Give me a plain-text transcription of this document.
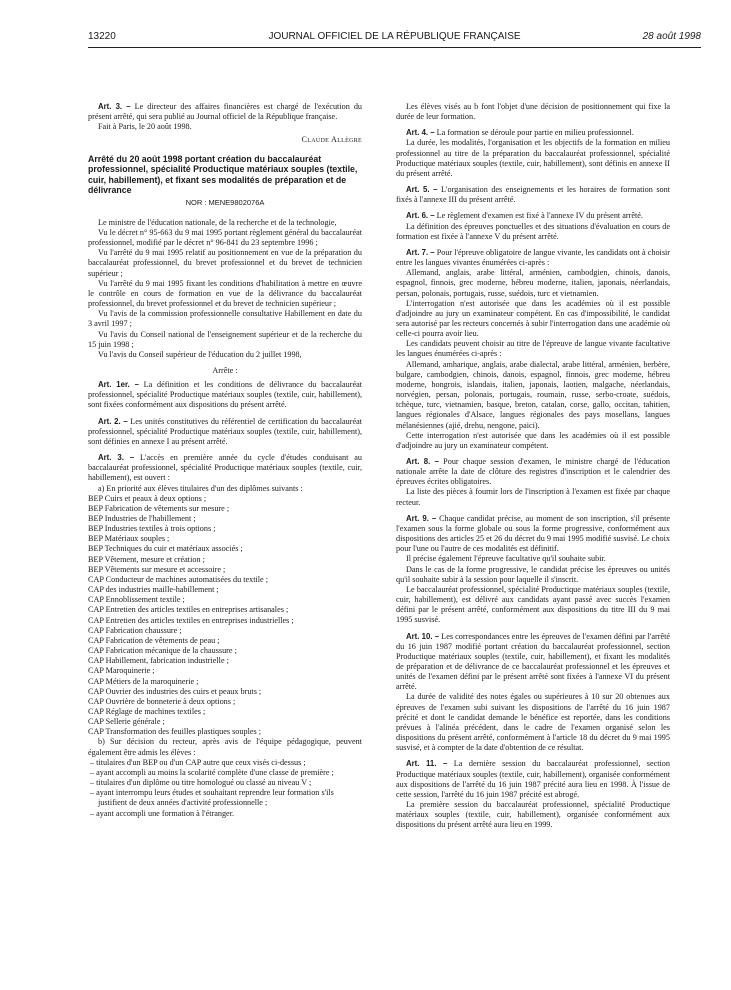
13220	JOURNAL OFFICIEL DE LA RÉPUBLIQUE FRANÇAISE	28 août 1998

Art. 3. – Le directeur des affaires financières est chargé de l'exécution du présent arrêté, qui sera publié au Journal officiel de la République française.

Fait à Paris, le 20 août 1998.

Claude Allègre
Arrêté du 20 août 1998 portant création du baccalauréat professionnel, spécialité Productique matériaux souples (textile, cuir, habillement), et fixant ses modalités de préparation et de délivrance
NOR : MENE9802076A

Le ministre de l'éducation nationale, de la recherche et de la technologie,

Vu le décret n° 95-663 du 9 mai 1995 portant règlement général du baccalauréat professionnel, modifié par le décret n° 96-841 du 23 septembre 1996 ;

Vu l'arrêté du 9 mai 1995 relatif au positionnement en vue de la préparation du baccalauréat professionnel, du brevet professionnel et du brevet de technicien supérieur ;

Vu l'arrêté du 9 mai 1995 fixant les conditions d'habilitation à mettre en œuvre le contrôle en cours de formation en vue de la délivrance du baccalauréat professionnel, du brevet professionnel et du brevet de technicien supérieur ;

Vu l'avis de la commission professionnelle consultative Habillement en date du 3 avril 1997 ;

Vu l'avis du Conseil national de l'enseignement supérieur et de la recherche du 15 juin 1998 ;

Vu l'avis du Conseil supérieur de l'éducation du 2 juillet 1998,

Arrête :

Art. 1er. – La définition et les conditions de délivrance du baccalauréat professionnel, spécialité Productique matériaux souples (textile, cuir, habillement), sont fixées conformément aux dispositions du présent arrêté.

Art. 2. – Les unités constitutives du référentiel de certification du baccalauréat professionnel, spécialité Productique matériaux souples (textile, cuir, habillement), sont définies en annexe I au présent arrêté.

Art. 3. – L'accès en première année du cycle d'études conduisant au baccalauréat professionnel, spécialité Productique matériaux souples (textile, cuir, habillement), est ouvert :

a) En priorité aux élèves titulaires d'un des diplômes suivants :

BEP Cuirs et peaux à deux options ;
BEP Fabrication de vêtements sur mesure ;
BEP Industries de l'habillement ;
BEP Industries textiles à trois options ;
BEP Matériaux souples ;
BEP Techniques du cuir et matériaux associés ;
BEP Vêtement, mesure et création ;
BEP Vêtements sur mesure et accessoire ;
CAP Conducteur de machines automatisées du textile ;
CAP des industries maille-habillement ;
CAP Ennoblissement textile ;
CAP Entretien des articles textiles en entreprises artisanales ;
CAP Entretien des articles textiles en entreprises industrielles ;
CAP Fabrication chaussure ;
CAP Fabrication de vêtements de peau ;
CAP Fabrication mécanique de la chaussure ;
CAP Habillement, fabrication industrielle ;
CAP Maroquinerie ;
CAP Métiers de la maroquinerie ;
CAP Ouvrier des industries des cuirs et peaux bruts ;
CAP Ouvrière de bonneterie à deux options ;
CAP Réglage de machines textiles ;
CAP Sellerie générale ;
CAP Transformation des feuilles plastiques souples ;

b) Sur décision du recteur, après avis de l'équipe pédagogique, peuvent également être admis les élèves :

– titulaires d'un BEP ou d'un CAP autre que ceux visés ci-dessus ;
– ayant accompli au moins la scolarité complète d'une classe de première ;
– titulaires d'un diplôme ou titre homologué ou classé au niveau V ;
– ayant interrompu leurs études et souhaitant reprendre leur formation s'ils justifient de deux années d'activité professionnelle ;
– ayant accompli une formation à l'étranger.

Les élèves visés au b font l'objet d'une décision de positionnement qui fixe la durée de leur formation.

Art. 4. – La formation se déroule pour partie en milieu professionnel.

La durée, les modalités, l'organisation et les objectifs de la formation en milieu professionnel au titre de la préparation du baccalauréat professionnel, spécialité Productique matériaux souples (textile, cuir, habillement), sont définis en annexe II du présent arrêté.

Art. 5. – L'organisation des enseignements et les horaires de formation sont fixés à l'annexe III du présent arrêté.

Art. 6. – Le règlement d'examen est fixé à l'annexe IV du présent arrêté.

La définition des épreuves ponctuelles et des situations d'évaluation en cours de formation est fixée à l'annexe V du présent arrêté.

Art. 7. – Pour l'épreuve obligatoire de langue vivante, les candidats ont à choisir entre les langues vivantes énumérées ci-après :

Allemand, anglais, arabe littéral, arménien, cambodgien, chinois, danois, espagnol, finnois, grec moderne, hébreu moderne, italien, japonais, néerlandais, persan, polonais, portugais, russe, suédois, turc et vietnamien.

L'interrogation n'est autorisée que dans les académies où il est possible d'adjoindre au jury un examinateur compétent. En cas d'impossibilité, le candidat sera autorisé par les recteurs concernés à subir l'interrogation dans une académie où celle-ci pourra avoir lieu.

Les candidats peuvent choisir au titre de l'épreuve de langue vivante facultative les langues énumérées ci-après :

Allemand, amharique, anglais, arabe dialectal, arabe littéral, arménien, berbère, bulgare, cambodgien, chinois, danois, espagnol, finnois, grec moderne, hébreu moderne, hongrois, islandais, italien, japonais, laotien, malgache, néerlandais, norvégien, persan, polonais, portugais, roumain, russe, serbo-croate, suédois, tchèque, turc, vietnamien, basque, breton, catalan, corse, gallo, occitan, tahitien, langues régionales d'Alsace, langues régionales des pays mosellans, langues mélanésiennes (ajié, drehu, nengone, paici).

Cette interrogation n'est autorisée que dans les académies où il est possible d'adjoindre au jury un examinateur compétent.

Art. 8. – Pour chaque session d'examen, le ministre chargé de l'éducation nationale arrête la date de clôture des registres d'inscription et le calendrier des épreuves écrites obligatoires.

La liste des pièces à fournir lors de l'inscription à l'examen est fixée par chaque recteur.

Art. 9. – Chaque candidat précise, au moment de son inscription, s'il présente l'examen sous la forme globale ou sous la forme progressive, conformément aux dispositions des articles 25 et 26 du décret du 9 mai 1995 modifié susvisé. Le choix pour l'une ou l'autre de ces modalités est définitif.

Il précise également l'épreuve facultative qu'il souhaite subir.

Dans le cas de la forme progressive, le candidat précise les épreuves ou unités qu'il souhaite subir à la session pour laquelle il s'inscrit.

Le baccalauréat professionnel, spécialité Productique matériaux souples (textile, cuir, habillement), est délivré aux candidats ayant passé avec succès l'examen défini par le présent arrêté, conformément aux dispositions du titre III du 9 mai 1995 susvisé.

Art. 10. – Les correspondances entre les épreuves de l'examen défini par l'arrêté du 16 juin 1987 modifié portant création du baccalauréat professionnel, section Productique matériaux souples (textile, cuir, habillement), et fixant les modalités de préparation et de délivrance de ce baccalauréat professionnel et les épreuves et unités de l'examen défini par le présent arrêté sont fixées à l'annexe VI du présent arrêté.

La durée de validité des notes égales ou supérieures à 10 sur 20 obtenues aux épreuves de l'examen subi suivant les dispositions de l'arrêté du 16 juin 1987 précité et dont le candidat demande le bénéfice est reportée, dans les conditions prévues à l'alinéa précédent, dans le cadre de l'examen organisé selon les dispositions du présent arrêté, conformément à l'article 18 du décret du 9 mai 1995 susvisé, et à compter de la date d'obtention de ce résultat.

Art. 11. – La dernière session du baccalauréat professionnel, section Productique matériaux souples (textile, cuir, habillement), organisée conformément aux dispositions de l'arrêté du 16 juin 1987 précité aura lieu en 1998. À l'issue de cette session, l'arrêté du 16 juin 1987 précité est abrogé.

La première session du baccalauréat professionnel, spécialité Productique matériaux souples (textile, cuir, habillement), organisée conformément aux dispositions du présent arrêté aura lieu en 1999.
